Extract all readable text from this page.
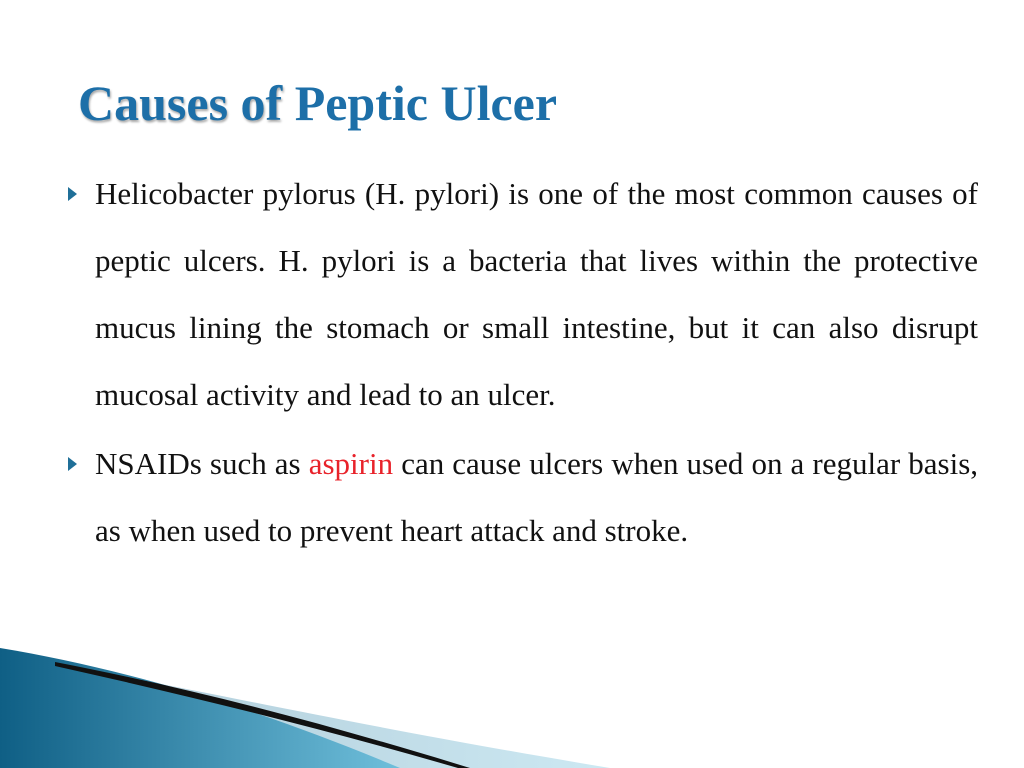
Causes of Peptic Ulcer
Helicobacter pylorus (H. pylori) is one of the most common causes of peptic ulcers. H. pylori is a bacteria that lives within the protective mucus lining the stomach or small intestine, but it can also disrupt mucosal activity and lead to an ulcer.
NSAIDs such as aspirin can cause ulcers when used on a regular basis, as when used to prevent heart attack and stroke.
